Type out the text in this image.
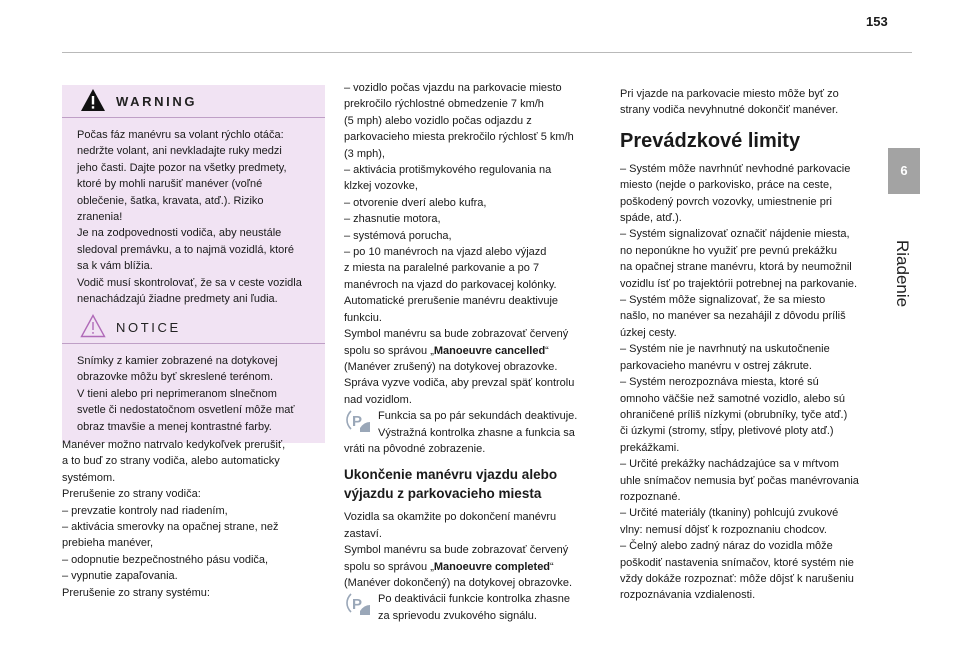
153
6
Riadenie
WARNING

Počas fáz manévru sa volant rýchlo otáča:

nedržte volant, ani nevkladajte ruky medzi

jeho časti. Dajte pozor na všetky predmety,

ktoré by mohli narušiť manéver (voľné

oblečenie, šatka, kravata, atď.). Riziko

zranenia!

Je na zodpovednosti vodiča, aby neustále

sledoval premávku, a to najmä vozidlá, ktoré

sa k vám blížia.

Vodič musí skontrolovať, že sa v ceste vozidla

nenachádzajú žiadne predmety ani ľudia.

NOTICE

Snímky z kamier zobrazené na dotykovej

obrazovke môžu byť skreslené terénom.

V tieni alebo pri neprimeranom slnečnom

svetle či nedostatočnom osvetlení môže mať

obraz tmavšie a menej kontrastné farby.

Manéver možno natrvalo kedykoľvek prerušiť,

a to buď zo strany vodiča, alebo automaticky

systémom.

Prerušenie zo strany vodiča:

– prevzatie kontroly nad riadením,

– aktivácia smerovky na opačnej strane, než

prebieha manéver,

– odopnutie bezpečnostného pásu vodiča,

– vypnutie zapaľovania.

Prerušenie zo strany systému:

– vozidlo počas vjazdu na parkovacie miesto

prekročilo rýchlostné obmedzenie 7 km/h

(5 mph) alebo vozidlo počas odjazdu z

parkovacieho miesta prekročilo rýchlosť 5 km/h

(3 mph),

– aktivácia protišmykového regulovania na

klzkej vozovke,

– otvorenie dverí alebo kufra,

– zhasnutie motora,

– systémová porucha,

– po 10 manévroch na vjazd alebo výjazd

z miesta na paralelné parkovanie a po 7

manévroch na vjazd do parkovacej kolónky.

Automatické prerušenie manévru deaktivuje

funkciu.

Symbol manévru sa bude zobrazovať červený

spolu so správou „Manoeuvre cancelled“

(Manéver zrušený) na dotykovej obrazovke.

Správa vyzve vodiča, aby prevzal späť kontrolu

nad vozidlom.

P Funkcia sa po pár sekundách deaktivuje.

Výstražná kontrolka zhasne a funkcia sa

vráti na pôvodné zobrazenie.

Ukončenie manévru vjazdu alebo výjazdu z parkovacieho miesta

Vozidla sa okamžite po dokončení manévru

zastaví.

Symbol manévru sa bude zobrazovať červený

spolu so správou „Manoeuvre completed“

(Manéver dokončený) na dotykovej obrazovke.

P Po deaktivácii funkcie kontrolka zhasne

za sprievodu zvukového signálu.

Pri vjazde na parkovacie miesto môže byť zo

strany vodiča nevyhnutné dokončiť manéver.

Prevádzkové limity

– Systém môže navrhnúť nevhodné parkovacie

miesto (nejde o parkovisko, práce na ceste,

poškodený povrch vozovky, umiestnenie pri

spáde, atď.).

– Systém signalizovať označiť nájdenie miesta,

no neponúkne ho využiť pre pevnú prekážku

na opačnej strane manévru, ktorá by neumožnil

vozidlu ísť po trajektórii potrebnej na parkovanie.

– Systém môže signalizovať, že sa miesto

našlo, no manéver sa nezahájil z dôvodu príliš

úzkej cesty.

– Systém nie je navrhnutý na uskutočnenie

parkovacieho manévru v ostrej zákrute.

– Systém nerozpoznáva miesta, ktoré sú

omnoho väčšie než samotné vozidlo, alebo sú

ohraničené príliš nízkymi (obrubníky, tyče atď.)

či úzkymi (stromy, stĺpy, pletivové ploty atď.)

prekážkami.

– Určité prekážky nachádzajúce sa v mŕtvom

uhle snímačov nemusia byť počas manévrovania

rozpoznané.

– Určité materiály (tkaniny) pohlcujú zvukové

vlny: nemusí dôjsť k rozpoznaniu chodcov.

– Čelný alebo zadný náraz do vozidla môže

poškodiť nastavenia snímačov, ktoré systém nie

vždy dokáže rozpoznať: môže dôjsť k narušeniu

rozpoznávania vzdialenosti.
